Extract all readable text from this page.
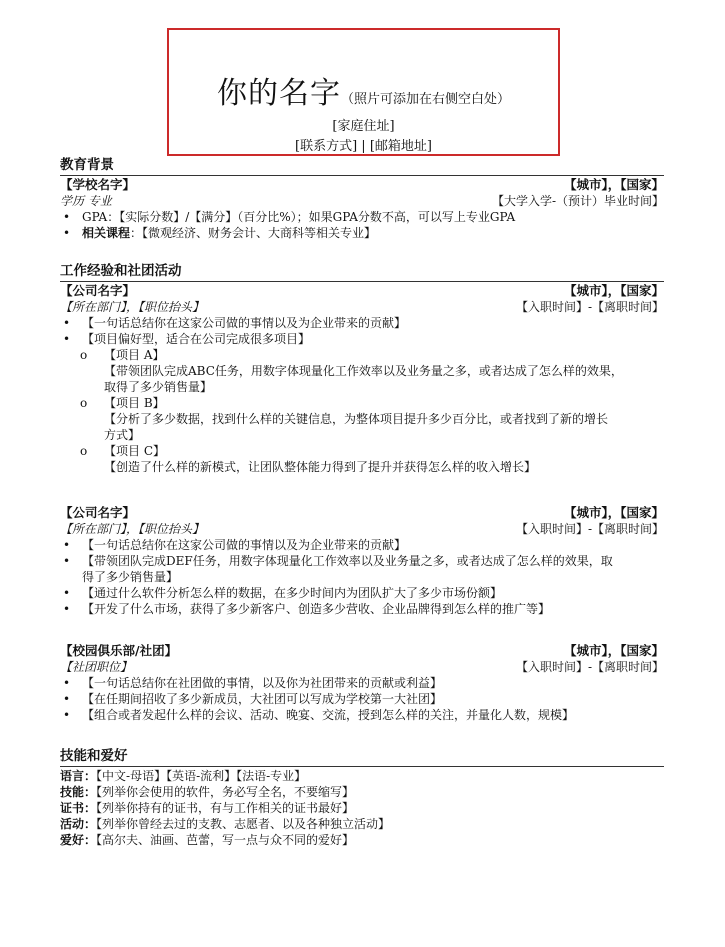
你的名字（照片可添加在右侧空白处）
[家庭住址]
[联系方式] | [邮箱地址]
教育背景
【学校名字】	【城市】，【国家】
学历 专业	【大学入学-（预计）毕业时间】
• GPA：【实际分数】/【满分】（百分比%）；如果GPA分数不高，可以写上专业GPA
• 相关课程：【微观经济、财务会计、大商科等相关专业】
工作经验和社团活动
【公司名字】	【城市】，【国家】
【所在部门】，【职位抬头】	【入职时间】-【离职时间】
• 【一句话总结你在这家公司做的事情以及为企业带来的贡献】
• 【项目偏好型，适合在公司完成很多项目】
o 【项目 A】
【带领团队完成ABC任务，用数字体现量化工作效率以及业务量之多，或者达成了怎么样的效果，
取得了多少销售量】
o 【项目 B】
【分析了多少数据，找到什么样的关键信息，为整体项目提升多少百分比，或者找到了新的增长
方式】
o 【项目 C】
【创造了什么样的新模式，让团队整体能力得到了提升并获得怎么样的收入增长】
【公司名字】	【城市】，【国家】
【所在部门】，【职位抬头】	【入职时间】-【离职时间】
• 【一句话总结你在这家公司做的事情以及为企业带来的贡献】
• 【带领团队完成DEF任务，用数字体现量化工作效率以及业务量之多，或者达成了怎么样的效果，取
得了多少销售量】
• 【通过什么软件分析怎么样的数据，在多少时间内为团队扩大了多少市场份额】
• 【开发了什么市场，获得了多少新客户、创造多少营收、企业品牌得到怎么样的推广等】
【校园俱乐部/社团】	【城市】，【国家】
【社团职位】	【入职时间】-【离职时间】
• 【一句话总结你在社团做的事情，以及你为社团带来的贡献或利益】
• 【在任期间招收了多少新成员，大社团可以写成为学校第一大社团】
• 【组合或者发起什么样的会议、活动、晚宴、交流，授到怎么样的关注，并量化人数，规模】
技能和爱好
语言：【中文-母语】【英语-流利】【法语-专业】
技能：【列举你会使用的软件，务必写全名，不要缩写】
证书：【列举你持有的证书，有与工作相关的证书最好】
活动：【列举你曾经去过的支教、志愿者、以及各种独立活动】
爱好：【高尔夫、油画、芭蕾，写一点与众不同的爱好】
